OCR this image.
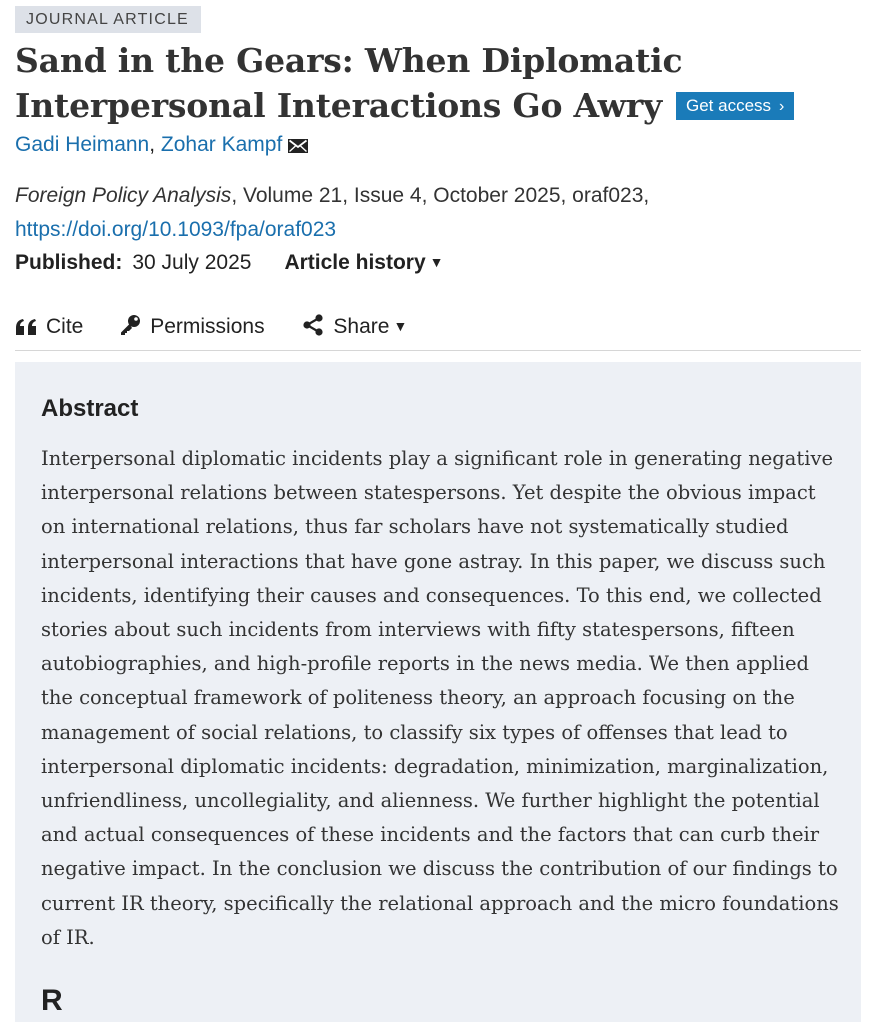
JOURNAL ARTICLE
Sand in the Gears: When Diplomatic Interpersonal Interactions Go Awry Get access ›
Gadi Heimann, Zohar Kampf
Foreign Policy Analysis, Volume 21, Issue 4, October 2025, oraf023,
https://doi.org/10.1093/fpa/oraf023
Published: 30 July 2025 Article history ▼
Cite	Permissions	Share ▼
Abstract

Interpersonal diplomatic incidents play a significant role in generating negative interpersonal relations between statespersons. Yet despite the obvious impact on international relations, thus far scholars have not systematically studied interpersonal interactions that have gone astray. In this paper, we discuss such incidents, identifying their causes and consequences. To this end, we collected stories about such incidents from interviews with fifty statespersons, fifteen autobiographies, and high-profile reports in the news media. We then applied the conceptual framework of politeness theory, an approach focusing on the management of social relations, to classify six types of offenses that lead to interpersonal diplomatic incidents: degradation, minimization, marginalization, unfriendliness, uncollegiality, and alienness. We further highlight the potential and actual consequences of these incidents and the factors that can curb their negative impact. In the conclusion we discuss the contribution of our findings to current IR theory, specifically the relational approach and the micro foundations of IR.

R
